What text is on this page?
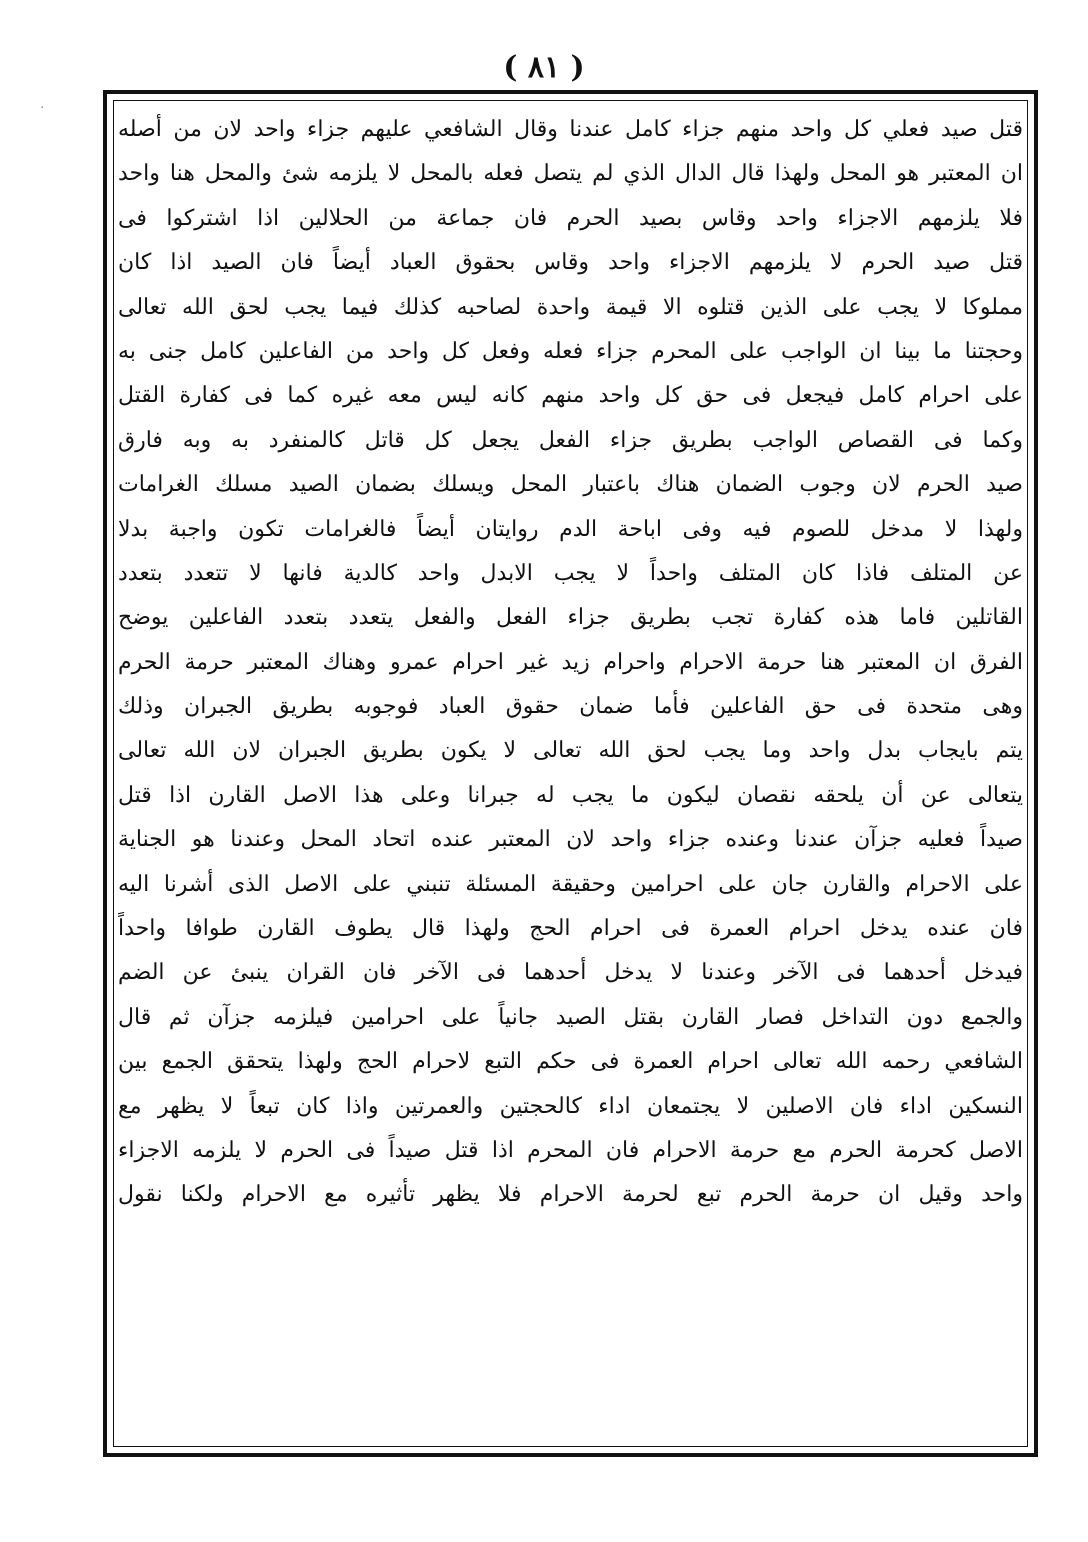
( ٨١ )
·
قتل صيد فعلي كل واحد منهم جزاء كامل عندنا وقال الشافعي عليهم جزاء واحد لان من أصله
ان المعتبر هو المحل ولهذا قال الدال الذي لم يتصل فعله بالمحل لا يلزمه شئ والمحل هنا واحد
فلا يلزمهم الاجزاء واحد وقاس بصيد الحرم فان جماعة من الحلالين اذا اشتركوا فى
قتل صيد الحرم لا يلزمهم الاجزاء واحد وقاس بحقوق العباد أيضاً فان الصيد اذا كان
مملوكا لا يجب على الذين قتلوه الا قيمة واحدة لصاحبه كذلك فيما يجب لحق الله تعالى
وحجتنا ما بينا ان الواجب على المحرم جزاء فعله وفعل كل واحد من الفاعلين كامل جنى به
على احرام كامل فيجعل فى حق كل واحد منهم كانه ليس معه غيره كما فى كفارة القتل
وكما فى القصاص الواجب بطريق جزاء الفعل يجعل كل قاتل كالمنفرد به وبه فارق
صيد الحرم لان وجوب الضمان هناك باعتبار المحل ويسلك بضمان الصيد مسلك الغرامات
ولهذا لا مدخل للصوم فيه وفى اباحة الدم روايتان أيضاً فالغرامات تكون واجبة بدلا
عن المتلف فاذا كان المتلف واحداً لا يجب الابدل واحد كالدية فانها لا تتعدد بتعدد
القاتلين فاما هذه كفارة تجب بطريق جزاء الفعل والفعل يتعدد بتعدد الفاعلين يوضح
الفرق ان المعتبر هنا حرمة الاحرام واحرام زيد غير احرام عمرو وهناك المعتبر حرمة الحرم
وهى متحدة فى حق الفاعلين فأما ضمان حقوق العباد فوجوبه بطريق الجبران وذلك
يتم بايجاب بدل واحد وما يجب لحق الله تعالى لا يكون بطريق الجبران لان الله تعالى
يتعالى عن أن يلحقه نقصان ليكون ما يجب له جبرانا وعلى هذا الاصل القارن اذا قتل
صيداً فعليه جزآن عندنا وعنده جزاء واحد لان المعتبر عنده اتحاد المحل وعندنا هو الجناية
على الاحرام والقارن جان على احرامين وحقيقة المسئلة تنبني على الاصل الذى أشرنا اليه
فان عنده يدخل احرام العمرة فى احرام الحج ولهذا قال يطوف القارن طوافا واحداً
فيدخل أحدهما فى الآخر وعندنا لا يدخل أحدهما فى الآخر فان القران ينبئ عن الضم
والجمع دون التداخل فصار القارن بقتل الصيد جانياً على احرامين فيلزمه جزآن ثم قال
الشافعي رحمه الله تعالى احرام العمرة فى حكم التبع لاحرام الحج ولهذا يتحقق الجمع بين
النسكين اداء فان الاصلين لا يجتمعان اداء كالحجتين والعمرتين واذا كان تبعاً لا يظهر مع
الاصل كحرمة الحرم مع حرمة الاحرام فان المحرم اذا قتل صيداً فى الحرم لا يلزمه الاجزاء
واحد وقيل ان حرمة الحرم تبع لحرمة الاحرام فلا يظهر تأثيره مع الاحرام ولكنا نقول
